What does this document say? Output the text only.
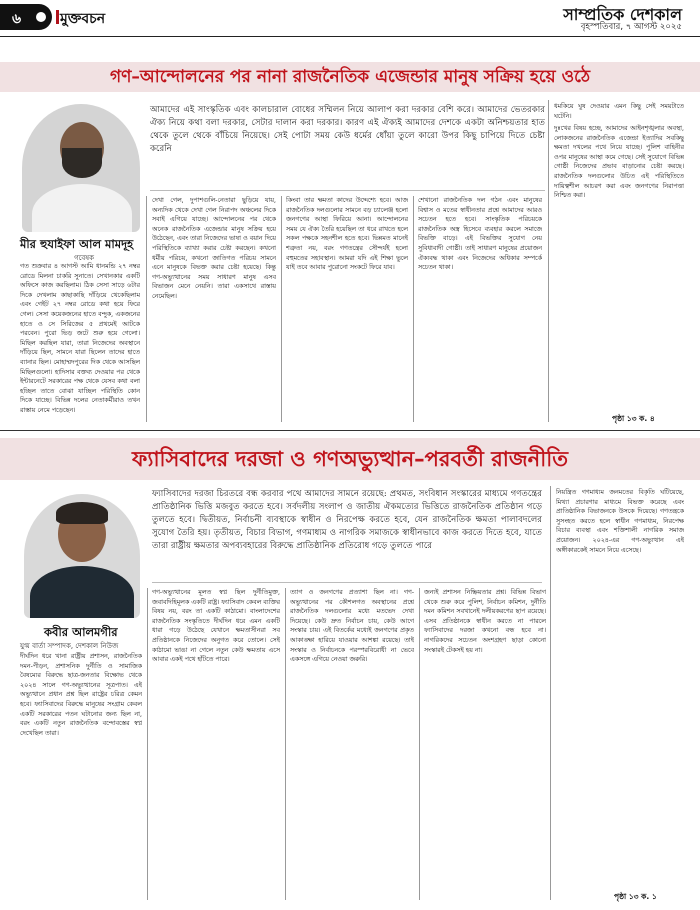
৬	মুক্তবচন	সাম্প্রতিক দেশকাল
বৃহস্পতিবার, ৭ আগস্ট ২০২৫
গণ–আন্দোলনের পর নানা রাজনৈতিক এজেন্ডার মানুষ সক্রিয় হয়ে ওঠে
মীর হুযাইফা আল মামদূহ
গবেষক
আমাদের এই সাংস্কৃতিক এবং কালচারাল বোধের সম্মিলন নিয়ে আলাপ করা দরকার বেশি করে। আমাদের ভেতরকার ঐক্য নিয়ে কথা বলা দরকার, সেটার দালান করা দরকার। কারণ এই ঐক্যই আমাদের দেশকে একটা অনিশ্চয়তার হাত থেকে তুলে থেকে বাঁচিয়ে নিয়েছে। সেই পোটা সময় কেউ ধর্মের ধোঁয়া তুলে কারো উপর কিছু চাপিয়ে দিতে চেষ্টা করেনি
গত শুক্রবার ৪ আগস্ট আমি ধানমন্ডি ২৭ নম্বর রোডে মিলনা চাকরি সুনাতে। সেখানকার একটি অফিসে কাজ করছিলাম। ঠিক সেসা সাড়ে ৬টার দিকে দেখলাম কাছাকাছি দাঁড়িয়ে থেকেছিলাম এবং গেইট ২৭ নম্বর রোডে কথা হয়ে ফিরে গেল। সেসা কয়েকজনের হাতে বন্দুক, একজনের হাতে ও সে সিরিজের ৫ প্রথমেই আটকে পরবেন। পুরো ভিড় জটে শুরু হয়ে গেলো। মিছিল করছিল যারা, তারা নিজেদের অবস্থানে দাঁড়িয়ে ছিল, সামনে যারা ছিলেন তাদের হাতে ব্যানার ছিল। মোহাম্মদপুরের দিক থেকে আসছিল মিছিলগুলো। হাদিসার বক্তব্য দেওয়ার পর থেকে ইন্টারনেটে সরকারের পক্ষ থেকে যেসব কথা বলা হচ্ছিল তাতে বোঝা যাচ্ছিল পরিস্থিতি কোন দিকে যাচ্ছে। বিভিন্ন দলের নেতাকর্মীরাও তখন রাস্তায় নেমে পড়েছেন।
দেখা গেল, দুপাশগুলি-নেতারা ছুড়িয়ে যায়, অন্যদিক থেকে দেখা গেল নিরাপদ অঞ্চলের দিকে সবাই এগিয়ে যাচ্ছে। আন্দোলনের পর থেকে অনেক রাজনৈতিক এজেন্ডার মানুষ সক্রিয় হয়ে উঠেছেন, এবং তারা নিজেদের ভাষা ও বয়ান দিয়ে পরিস্থিতিকে ব্যাখ্যা করার চেষ্টা করছেন। কখনো ধর্মীয় পরিচয়, কখনো জাতিগত পরিচয় সামনে এনে মানুষকে বিভক্ত করার চেষ্টা হয়েছে। কিন্তু গণ-অভ্যুত্থানের সময় সাধারণ মানুষ এসব বিভাজন মেনে নেয়নি। তারা একসাথে রাস্তায় নেমেছিল।
কিংবা তার ক্ষমতা কাদের উদ্দেশ্যে হবে। আজ রাজনৈতিক দলগুলোর সামনে বড় চ্যালেঞ্জ হলো জনগণের আস্থা ফিরিয়ে আনা। আন্দোলনের সময় যে ঐক্য তৈরি হয়েছিল তা ধরে রাখতে হলে সকল পক্ষকে সহনশীল হতে হবে। ভিন্নমত মানেই শত্রুতা নয়, বরং গণতন্ত্রের সৌন্দর্যই হলো বহুমতের সহাবস্থান। আমরা যদি এই শিক্ষা ভুলে যাই তবে আবার পুরোনো সংকটে ফিরে যাব।
শেখানো রাজনৈতিক দল গঠন এবং মানুষের বিশ্বাস ও মতের স্বাধীনতার প্রশ্নে আমাদের আরও সচেতন হতে হবে। সাংস্কৃতিক পরিচয়কে রাজনৈতিক অস্ত্র হিসেবে ব্যবহার করলে সমাজে বিভক্তি বাড়ে। এই বিভক্তির সুযোগ নেয় সুবিধাবাদী গোষ্ঠী। তাই সাধারণ মানুষের প্রয়োজন ঐক্যবদ্ধ থাকা এবং নিজেদের অধিকার সম্পর্কে সচেতন থাকা।
ধমকিয়ে ঘুষ দেওয়ার এমন কিছু সেই সময়টাতে ঘটেনি।
দুঃখের বিষয় হচ্ছে, আমাদের আইনশৃঙ্খলার অবস্থা, লোকজনের রাজনৈতিক এজেন্ডা ইত্যাদির সবকিছু ক্ষমতা দখলের পথে নিয়ে যাচ্ছে। পুলিশ বাহিনীর ওপর মানুষের আস্থা কমে গেছে। সেই সুযোগে বিভিন্ন গোষ্ঠী নিজেদের প্রভাব বাড়ানোর চেষ্টা করছে। রাজনৈতিক দলগুলোর উচিত এই পরিস্থিতিতে দায়িত্বশীল আচরণ করা এবং জনগণের নিরাপত্তা নিশ্চিত করা।
পৃষ্ঠা ১৩ ক. ৪
ফ্যাসিবাদের দরজা ও গণঅভ্যুত্থান–পরবর্তী রাজনীতি
কবীর আলমগীর
যুগ্ম বার্তা সম্পাদক, দেশকাল নিউজ
ফ্যাসিবাদের দরজা চিরতরে বন্ধ করবার পথে আমাদের সামনে রয়েছে: প্রথমত, সংবিধান সংস্কারের মাধ্যমে গণতন্ত্রের প্রাতিষ্ঠানিক ভিত্তি মজবুত করতে হবে। সর্বদলীয় সংলাপ ও জাতীয় ঐকমত্যের ভিত্তিতে রাজনৈতিক প্রতিষ্ঠান গড়ে তুলতে হবে। দ্বিতীয়ত, নির্বাচনী ব্যবস্থাকে স্বাধীন ও নিরপেক্ষ করতে হবে, যেন রাজনৈতিক ক্ষমতা পালাবদলের সুযোগ তৈরি হয়। তৃতীয়ত, বিচার বিভাগ, গণমাধ্যম ও নাগরিক সমাজকে স্বাধীনভাবে কাজ করতে দিতে হবে, যাতে তারা রাষ্ট্রীয় ক্ষমতার অপব্যবহারের বিরুদ্ধে প্রাতিষ্ঠানিক প্রতিরোধ গড়ে তুলতে পারে
দীর্ঘদিন ধরে খানা রাষ্ট্রীয় প্রশাসন, রাজনৈতিক দমন-পীড়ন, প্রশাসনিক দুর্নীতি ও সামাজিক বৈষম্যের বিরুদ্ধে ছাত্র-জনতার বিক্ষোভ থেকে ২০২৪ সালে গণ-অভ্যুত্থানের সূত্রপাত। এই অভ্যুত্থানে প্রধান প্রশ্ন ছিল রাষ্ট্রের চরিত্র কেমন হবে। ফ্যাসিবাদের বিরুদ্ধে মানুষের সংগ্রাম কেবল একটি সরকারের পতন ঘটানোর জন্য ছিল না, বরং একটি নতুন রাজনৈতিক বন্দোবস্তের স্বপ্ন দেখেছিল তারা।
গণ-অভ্যুত্থানের মূলত স্বপ্ন ছিল দুর্নীতিমুক্ত, জবাবদিহিমূলক একটি রাষ্ট্র। ফ্যাসিবাদ কেবল ব্যক্তির বিষয় নয়, বরং তা একটি কাঠামো। বাংলাদেশের রাজনৈতিক সংস্কৃতিতে দীর্ঘদিন ধরে এমন একটি ধারা গড়ে উঠেছে যেখানে ক্ষমতাসীনরা সব প্রতিষ্ঠানকে নিজেদের অনুগত করে তোলে। সেই কাঠামো ভাঙা না গেলে নতুন কেউ ক্ষমতায় এসে আবার একই পথে হাঁটতে পারে।
ত্যাগ ও জনগণের প্রত্যাশা ছিল না। গণ-অভ্যুত্থানের পর কৌশলগত অবস্থানের প্রশ্নে রাজনৈতিক দলগুলোর মধ্যে মতভেদ দেখা দিয়েছে। কেউ দ্রুত নির্বাচন চায়, কেউ আগে সংস্কার চায়। এই বিতর্কের মধ্যেই জনগণের প্রকৃত আকাঙ্ক্ষা হারিয়ে যাওয়ার আশঙ্কা রয়েছে। তাই সংস্কার ও নির্বাচনকে পরস্পরবিরোধী না ভেবে একসঙ্গে এগিয়ে নেওয়া জরুরি।
জন্যই প্রশাসন নিষ্ক্রিয়তার প্রশ্ন। বিভিন্ন বিভাগ থেকে শুরু করে পুলিশ, নির্বাচন কমিশন, দুর্নীতি দমন কমিশন সবখানেই দলীয়করণের ছাপ রয়েছে। এসব প্রতিষ্ঠানকে স্বাধীন করতে না পারলে ফ্যাসিবাদের দরজা কখনো বন্ধ হবে না। নাগরিকদের সচেতন অংশগ্রহণ ছাড়া কোনো সংস্কারই টেকসই হয় না।
নিয়ন্ত্রিত গণমাধ্যম জনমতের বিকৃতি ঘটিয়েছে, মিথ্যা প্রচারণার মাধ্যমে বিভক্ত করেছে এবং প্রাতিষ্ঠানিক বিভাজনকে উসকে দিয়েছে। গণতন্ত্রকে সুসংহত করতে হলে স্বাধীন গণমাধ্যম, নিরপেক্ষ বিচার ব্যবস্থা এবং শক্তিশালী নাগরিক সমাজ প্রয়োজন। ২০২৪-এর গণ-অভ্যুত্থান এই অঙ্গীকারকেই সামনে নিয়ে এসেছে।
পৃষ্ঠা ১৩ ক. ১
